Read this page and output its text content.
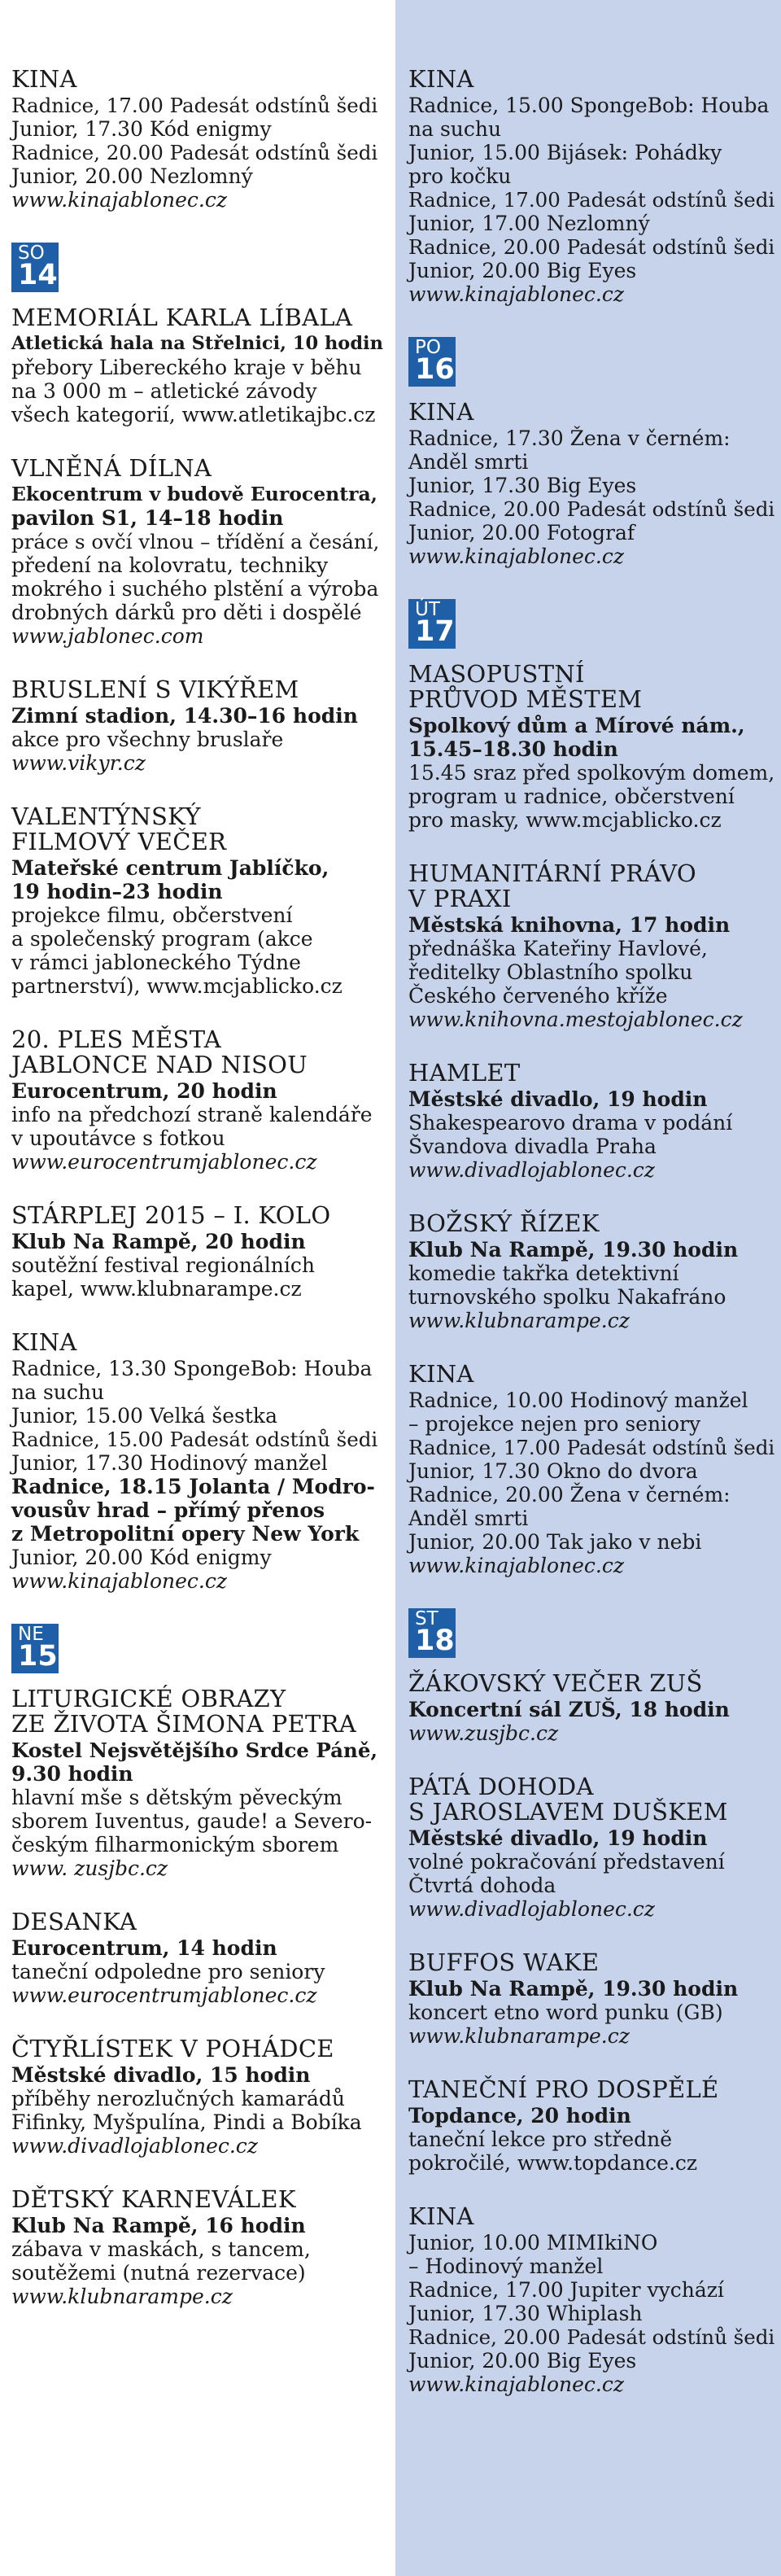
KINA
Radnice, 17.00 Padesát odstínů šedi
Junior, 17.30 Kód enigmy
Radnice, 20.00 Padesát odstínů šedi
Junior, 20.00 Nezlomný
www.kinajablonec.cz
SO
14
MEMORIÁL KARLA LÍBALA
Atletická hala na Střelnici, 10 hodin
přebory Libereckého kraje v běhu
na 3 000 m – atletické závody
všech kategorií, www.atletikajbc.cz
VLNĚNÁ DÍLNA
Ekocentrum v budově Eurocentra,
pavilon S1, 14–18 hodin
práce s ovčí vlnou – třídění a česání,
předení na kolovratu, techniky
mokrého i suchého plstění a výroba
drobných dárků pro děti i dospělé
www.jablonec.com
BRUSLENÍ S VIKÝŘEM
Zimní stadion, 14.30–16 hodin
akce pro všechny bruslaře
www.vikyr.cz
VALENTÝNSKÝ
FILMOVÝ VEČER
Mateřské centrum Jablíčko,
19 hodin–23 hodin
projekce filmu, občerstvení
a společenský program (akce
v rámci jabloneckého Týdne
partnerství), www.mcjablicko.cz
20. PLES MĚSTA
JABLONCE NAD NISOU
Eurocentrum, 20 hodin
info na předchozí straně kalendáře
v upoutávce s fotkou
www.eurocentrumjablonec.cz
STÁRPLEJ 2015 – I. KOLO
Klub Na Rampě, 20 hodin
soutěžní festival regionálních
kapel, www.klubnarampe.cz
KINA
Radnice, 13.30 SpongeBob: Houba
na suchu
Junior, 15.00 Velká šestka
Radnice, 15.00 Padesát odstínů šedi
Junior, 17.30 Hodinový manžel
Radnice, 18.15 Jolanta / Modro-
vousův hrad – přímý přenos
z Metropolitní opery New York
Junior, 20.00 Kód enigmy
www.kinajablonec.cz
NE
15
LITURGICKÉ OBRAZY
ZE ŽIVOTA ŠIMONA PETRA
Kostel Nejsvětějšího Srdce Páně,
9.30 hodin
hlavní mše s dětským pěveckým
sborem Iuventus, gaude! a Severo-
českým filharmonickým sborem
www. zusjbc.cz
DESANKA
Eurocentrum, 14 hodin
taneční odpoledne pro seniory
www.eurocentrumjablonec.cz
ČTYŘLÍSTEK V POHÁDCE
Městské divadlo, 15 hodin
příběhy nerozlučných kamarádů
Fifinky, Myšpulína, Pindi a Bobíka
www.divadlojablonec.cz
DĚTSKÝ KARNEVÁLEK
Klub Na Rampě, 16 hodin
zábava v maskách, s tancem,
soutěžemi (nutná rezervace)
www.klubnarampe.cz
KINA
Radnice, 15.00 SpongeBob: Houba
na suchu
Junior, 15.00 Bijásek: Pohádky
pro kočku
Radnice, 17.00 Padesát odstínů šedi
Junior, 17.00 Nezlomný
Radnice, 20.00 Padesát odstínů šedi
Junior, 20.00 Big Eyes
www.kinajablonec.cz
PO
16
KINA
Radnice, 17.30 Žena v černém:
Anděl smrti
Junior, 17.30 Big Eyes
Radnice, 20.00 Padesát odstínů šedi
Junior, 20.00 Fotograf
www.kinajablonec.cz
ÚT
17
MASOPUSTNÍ
PRŮVOD MĚSTEM
Spolkový dům a Mírové nám.,
15.45–18.30 hodin
15.45 sraz před spolkovým domem,
program u radnice, občerstvení
pro masky, www.mcjablicko.cz
HUMANITÁRNÍ PRÁVO
V PRAXI
Městská knihovna, 17 hodin
přednáška Kateřiny Havlové,
ředitelky Oblastního spolku
Českého červeného kříže
www.knihovna.mestojablonec.cz
HAMLET
Městské divadlo, 19 hodin
Shakespearovo drama v podání
Švandova divadla Praha
www.divadlojablonec.cz
BOŽSKÝ ŘÍZEK
Klub Na Rampě, 19.30 hodin
komedie takřka detektivní
turnovského spolku Nakafráno
www.klubnarampe.cz
KINA
Radnice, 10.00 Hodinový manžel
– projekce nejen pro seniory
Radnice, 17.00 Padesát odstínů šedi
Junior, 17.30 Okno do dvora
Radnice, 20.00 Žena v černém:
Anděl smrti
Junior, 20.00 Tak jako v nebi
www.kinajablonec.cz
ST
18
ŽÁKOVSKÝ VEČER ZUŠ
Koncertní sál ZUŠ, 18 hodin
www.zusjbc.cz
PÁTÁ DOHODA
S JAROSLAVEM DUŠKEM
Městské divadlo, 19 hodin
volné pokračování představení
Čtvrtá dohoda
www.divadlojablonec.cz
BUFFOS WAKE
Klub Na Rampě, 19.30 hodin
koncert etno word punku (GB)
www.klubnarampe.cz
TANEČNÍ PRO DOSPĚLÉ
Topdance, 20 hodin
taneční lekce pro středně
pokročilé, www.topdance.cz
KINA
Junior, 10.00 MIMIkiNO
– Hodinový manžel
Radnice, 17.00 Jupiter vychází
Junior, 17.30 Whiplash
Radnice, 20.00 Padesát odstínů šedi
Junior, 20.00 Big Eyes
www.kinajablonec.cz
